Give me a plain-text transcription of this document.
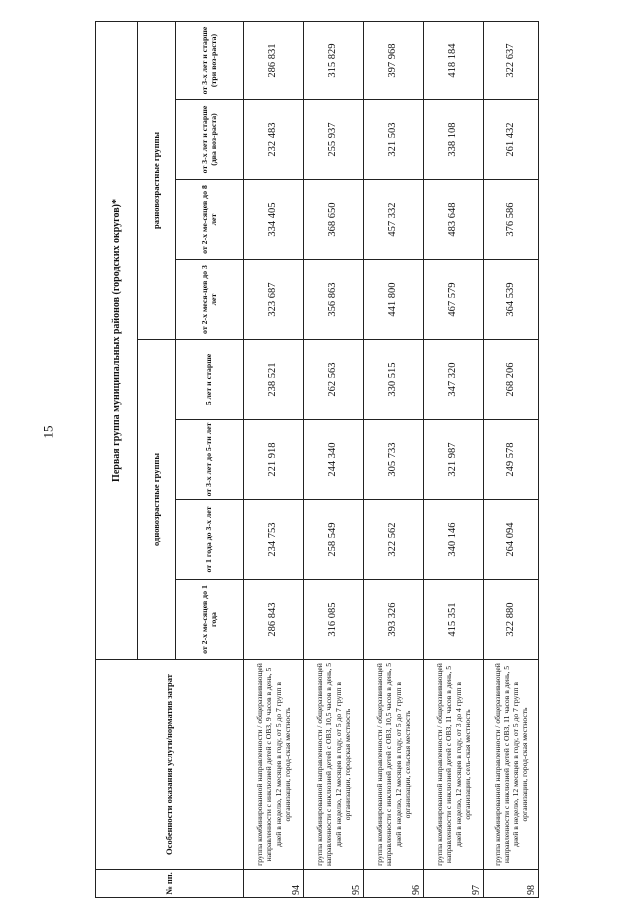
15
№ пп.	Особенности оказания услуги/норматив затрат	Первая группа муниципальных районов (городских округов)*							
		одновозрастные группы				разновозрастные группы			
		от 2-х ме-сяцев до 1 года	от 1 года до 3-х лет	от 3-х лет до 5-ти лет	5 лет и старше	от 2-х меся-цев до 3 лет	от 2-х ме-сяцев до 8 лет	от 3-х лет и старше (два воз-раста)	от 3-х лет и старше (три воз-раста)
94	группа комбинированной направленности / общеразвивающей направленности с инклюзией детей с ОВЗ, 9 часов в день, 5 дней в неделю, 12 месяцев в году, от 5 до 7 групп в организации, город-ская местность	286 843	234 753	221 918	238 521	323 687	334 405	232 483	286 831
95	группа комбинированной направленности / общеразвивающей направленности с инклюзией детей с ОВЗ, 10,5 часов в день, 5 дней в неделю, 12 месяцев в году, от 5 до 7 групп в организации, городская местность	316 085	258 549	244 340	262 563	356 863	368 650	255 937	315 829
96	группа комбинированной направленности / общеразвивающей направленности с инклюзией детей с ОВЗ, 10,5 часов в день, 5 дней в неделю, 12 месяцев в году, от 5 до 7 групп в организации, сельская местность	393 326	322 562	305 733	330 515	441 800	457 332	321 503	397 968
97	группа комбинированной направленности / общеразвивающей направленности с инклюзией детей с ОВЗ, 11 часов в день, 5 дней в неделю, 12 месяцев в году, от 3 до 4 групп в организации, сель-ская местность	415 351	340 146	321 987	347 320	467 579	483 648	338 108	418 184
98	группа комбинированной направленности / общеразвивающей направленности с инклюзией детей с ОВЗ, 11 часов в день, 5 дней в неделю, 12 месяцев в году, от 5 до 7 групп в организации, город-ская местность	322 880	264 094	249 578	268 206	364 539	376 586	261 432	322 637
